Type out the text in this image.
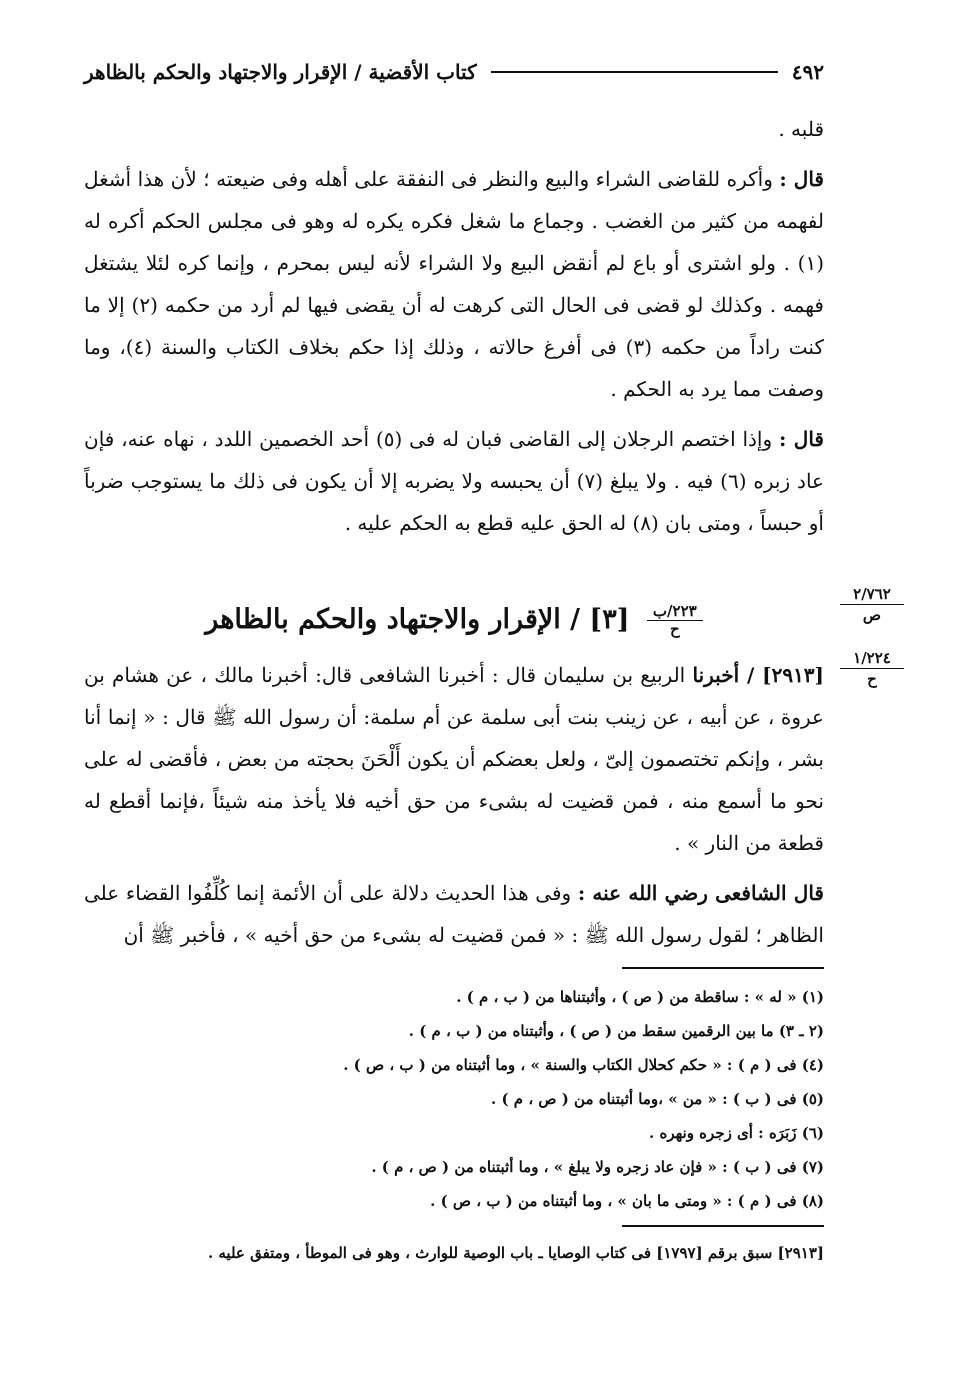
٤٩٢
كتاب الأقضية / الإقرار والاجتهاد والحكم بالظاهر

قلبه .

قال : وأكره للقاضى الشراء والبيع والنظر فى النفقة على أهله وفى ضيعته ؛ لأن هذا أشغل لفهمه من كثير من الغضب . وجماع ما شغل فكره يكره له وهو فى مجلس الحكم أكره له (١) . ولو اشترى أو باع لم أنقض البيع ولا الشراء لأنه ليس بمحرم ، وإنما كره لئلا يشتغل فهمه . وكذلك لو قضى فى الحال التى كرهت له أن يقضى فيها لم أرد من حكمه (٢) إلا ما كنت راداً من حكمه (٣) فى أفرغ حالاته ، وذلك إذا حكم بخلاف الكتاب والسنة (٤)، وما وصفت مما يرد به الحكم .

قال : وإذا اختصم الرجلان إلى القاضى فبان له فى (٥) أحد الخصمين اللدد ، نهاه عنه، فإن عاد زبره (٦) فيه . ولا يبلغ (٧) أن يحبسه ولا يضربه إلا أن يكون فى ذلك ما يستوجب ضرباً أو حبساً ، ومتى بان (٨) له الحق عليه قطع به الحكم عليه .

$\frac{\text{٢٢٣/ب}}{\text{ح}}$
[٣] / الإقرار والاجتهاد والحكم بالظاهر

[٢٩١٣] / أخبرنا الربيع بن سليمان قال : أخبرنا الشافعى قال: أخبرنا مالك ، عن هشام بن عروة ، عن أبيه ، عن زينب بنت أبى سلمة عن أم سلمة: أن رسول الله ﷺ قال : « إنما أنا بشر ، وإنكم تختصمون إلىّ ، ولعل بعضكم أن يكون أَلْحَنَ بحجته من بعض ، فأقضى له على نحو ما أسمع منه ، فمن قضيت له بشىء من حق أخيه فلا يأخذ منه شيئاً ،فإنما أقطع له قطعة من النار » .

قال الشافعى رضي الله عنه : وفى هذا الحديث دلالة على أن الأئمة إنما كُلِّفُوا القضاء على الظاهر ؛ لقول رسول الله ﷺ : « فمن قضيت له بشىء من حق أخيه » ، فأخبر ﷺ أن

٢/٧٦٢
ص
١/٢٢٤
ح
(١) « له » : ساقطة من ( ص ) ، وأثبتناها من ( ب ، م ) .
(٢ ـ ٣) ما بين الرقمين سقط من ( ص ) ، وأثبتناه من ( ب ، م ) .
(٤) فى ( م ) : « حكم كحلال الكتاب والسنة » ، وما أثبتناه من ( ب ، ص ) .
(٥) فى ( ب ) : « من » ،وما أثبتناه من ( ص ، م ) .
(٦) زَبَرَه : أى زجره ونهره .
(٧) فى ( ب ) : « فإن عاد زجره ولا يبلغ » ، وما أثبتناه من ( ص ، م ) .
(٨) فى ( م ) : « ومتى ما بان » ، وما أثبتناه من ( ب ، ص ) .
[٢٩١٣] سبق برقم [١٧٩٧] فى كتاب الوصايا ـ باب الوصية للوارث ، وهو فى الموطأ ، ومتفق عليه .
